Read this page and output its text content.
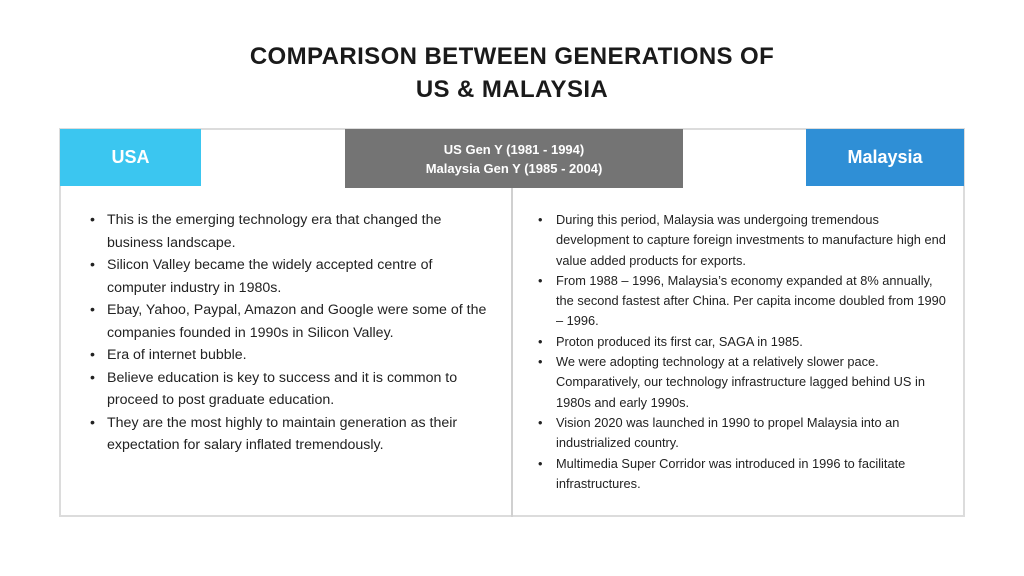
COMPARISON BETWEEN GENERATIONS OF
US & MALAYSIA
USA	US Gen Y (1981 - 1994)
Malaysia Gen Y (1985 - 2004)
Malaysia
• This is the emerging technology era that changed the business landscape.
• Silicon Valley became the widely accepted centre of computer industry in 1980s.
• Ebay, Yahoo, Paypal, Amazon and Google were some of the companies founded in 1990s in Silicon Valley.
• Era of internet bubble.
• Believe education is key to success and it is common to proceed to post graduate education.
• They are the most highly to maintain generation as their expectation for salary inflated tremendously.
• During this period, Malaysia was undergoing tremendous development to capture foreign investments to manufacture high end value added products for exports.
• From 1988 – 1996, Malaysia’s economy expanded at 8% annually, the second fastest after China. Per capita income doubled from 1990 – 1996.
• Proton produced its first car, SAGA in 1985.
• We were adopting technology at a relatively slower pace. Comparatively, our technology infrastructure lagged behind US in 1980s and early 1990s.
• Vision 2020 was launched in 1990 to propel Malaysia into an industrialized country.
• Multimedia Super Corridor was introduced in 1996 to facilitate infrastructures.
